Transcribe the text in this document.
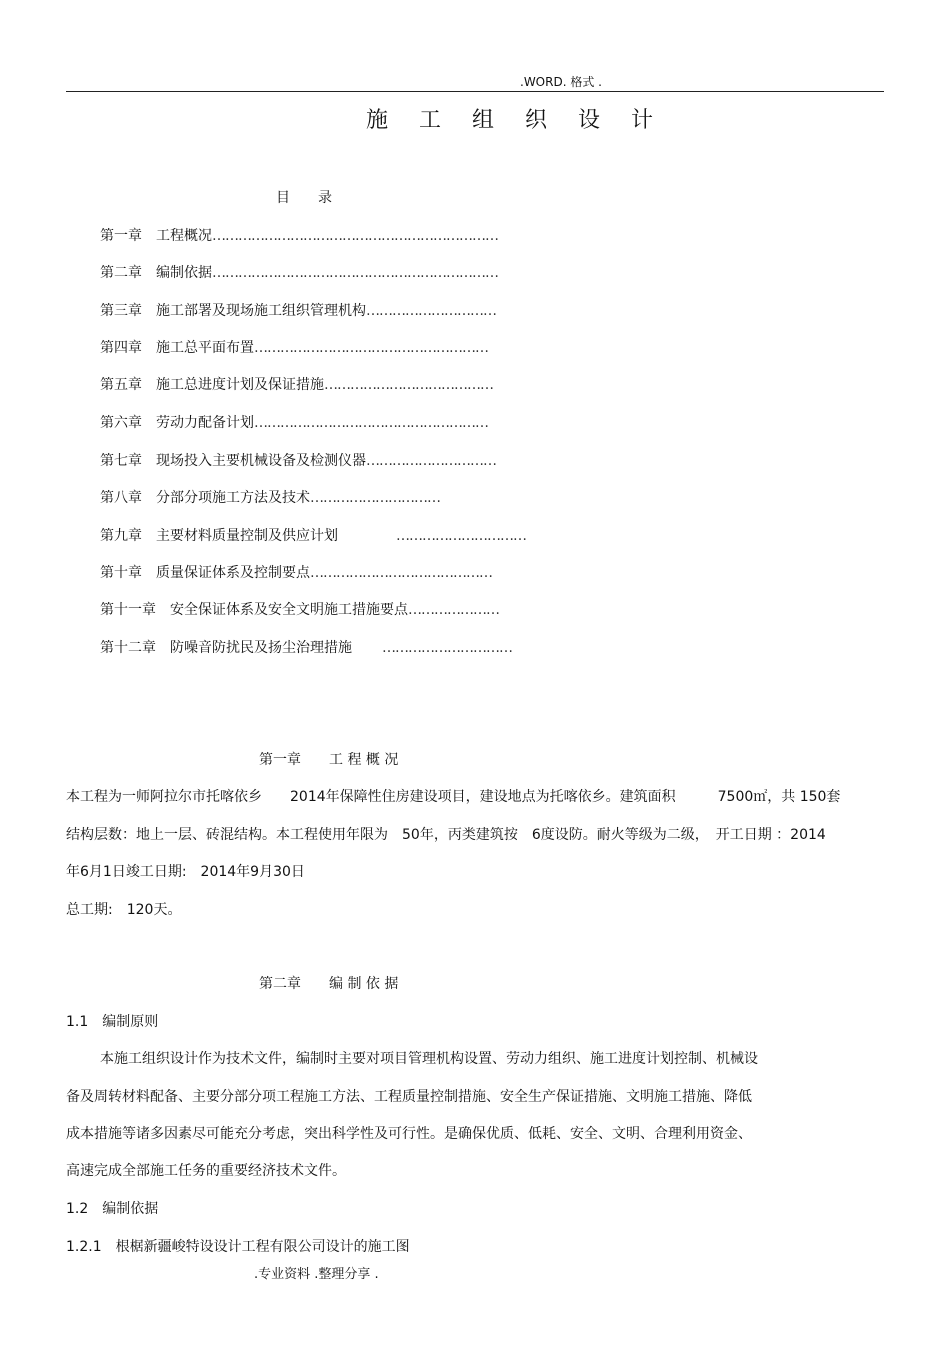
.WORD. 格式 .
施 工 组 织 设 计
目　　录
第一章 工程概况…………………………………………………………
第二章 编制依据…………………………………………………………
第三章 施工部署及现场施工组织管理机构…………………………
第四章 施工总平面布置………………………………………………
第五章 施工总进度计划及保证措施…………………………………
第六章 劳动力配备计划………………………………………………
第七章 现场投入主要机械设备及检测仪器…………………………
第八章 分部分项施工方法及技术…………………………
第九章 主要材料质量控制及供应计划	…………………………
第十章 质量保证体系及控制要点……………………………………
第十一章 安全保证体系及安全文明施工措施要点…………………
第十二章 防噪音防扰民及扬尘治理措施 …………………………
第一章　　工 程 概 况
本工程为一师阿拉尔市托喀依乡　　2014年保障性住房建设项目，建设地点为托喀依乡。建筑面积　　　7500㎡，共 150套
结构层数：地上一层、砖混结构。本工程使用年限为　50年，丙类建筑按　6度设防。耐火等级为二级，　开工日期 ：2014
年6月1日竣工日期:　2014年9月30日
总工期:　120天。
第二章　　编 制 依 据
1.1　编制原则
本施工组织设计作为技术文件，编制时主要对项目管理机构设置、劳动力组织、施工进度计划控制、机械设
备及周转材料配备、主要分部分项工程施工方法、工程质量控制措施、安全生产保证措施、文明施工措施、降低
成本措施等诸多因素尽可能充分考虑，突出科学性及可行性。是确保优质、低耗、安全、文明、合理利用资金、
高速完成全部施工任务的重要经济技术文件。
1.2　编制依据
1.2.1　根椐新疆峻特设设计工程有限公司设计的施工图
.专业资料 .整理分享 .
